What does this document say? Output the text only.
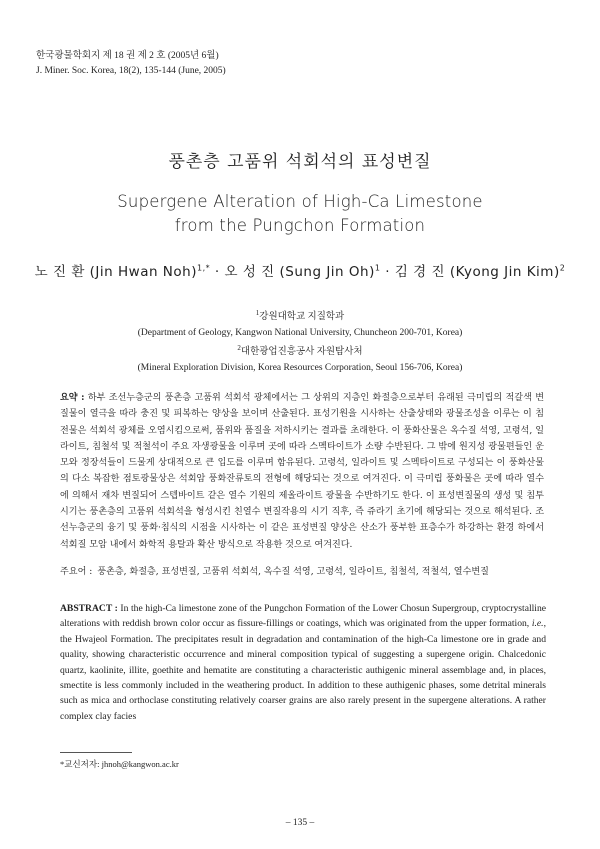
한국광물학회지 제 18 권 제 2 호 (2005년 6월)
J. Miner. Soc. Korea, 18(2), 135-144 (June, 2005)
풍촌층 고품위 석회석의 표성변질
Supergene Alteration of High-Ca Limestone
from the Pungchon Formation
노 진 환 (Jin Hwan Noh)$^{1,*}$ · 오 성 진 (Sung Jin Oh)$^1$ · 김 경 진 (Kyong Jin Kim)$^2$
$^1$강원대학교 지질학과
(Department of Geology, Kangwon National University, Chuncheon 200-701, Korea)
$^2$대한광업진흥공사 자원탐사처
(Mineral Exploration Division, Korea Resources Corporation, Seoul 156-706, Korea)
요약 : 하부 조선누층군의 풍촌층 고품위 석회석 광체에서는 그 상위의 지층인 화절층으로부터 유래된 극미립의 적갈색 변질물이 열극을 따라 충진 및 피복하는 양상을 보이며 산출된다. 표성기원을 시사하는 산출상태와 광물조성을 이루는 이 침전물은 석회석 광체를 오염시킴으로써, 품위와 품질을 저하시키는 결과를 초래한다. 이 풍화산물은 옥수질 석영, 고령석, 일라이트, 침철석 및 적철석이 주요 자생광물을 이루며 곳에 따라 스멕타이트가 소량 수반된다. 그 밖에 원지성 광물편들인 운모와 정장석들이 드물게 상대적으로 큰 입도를 이루며 함유된다. 고령석, 일라이트 및 스멕타이트로 구성되는 이 풍화산물의 다소 복잡한 점토광물상은 석회암 풍화잔류토의 전형에 해당되는 것으로 여겨진다. 이 극미립 풍화물은 곳에 따라 열수에 의해서 재차 변질되어 스텝바이트 같은 열수 기원의 제올라이트 광물을 수반하기도 한다. 이 표성변질물의 생성 및 침투 시기는 풍촌층의 고품위 석회석을 형성시킨 친열수 변질작용의 시기 직후, 즉 쥬라기 초기에 해당되는 것으로 해석된다. 조선누층군의 융기 및 풍화·침식의 시점을 시사하는 이 같은 표성변질 양상은 산소가 풍부한 표층수가 하강하는 환경 하에서 석회질 모암 내에서 화학적 용탈과 확산 방식으로 작용한 것으로 여겨진다.
주요어 : 풍촌층, 화절층, 표성변질, 고품위 석회석, 옥수질 석영, 고령석, 일라이트, 침철석, 적철석, 열수변질
ABSTRACT : In the high-Ca limestone zone of the Pungchon Formation of the Lower Chosun Supergroup, cryptocrystalline alterations with reddish brown color occur as fissure-fillings or coatings, which was originated from the upper formation, i.e., the Hwajeol Formation. The precipitates result in degradation and contamination of the high-Ca limestone ore in grade and quality, showing characteristic occurrence and mineral composition typical of suggesting a supergene origin. Chalcedonic quartz, kaolinite, illite, goethite and hematite are constituting a characteristic authigenic mineral assemblage and, in places, smectite is less commonly included in the weathering product. In addition to these authigenic phases, some detrital minerals such as mica and orthoclase constituting relatively coarser grains are also rarely present in the supergene alterations. A rather complex clay facies
*교신저자: jhnoh@kangwon.ac.kr
– 135 –
